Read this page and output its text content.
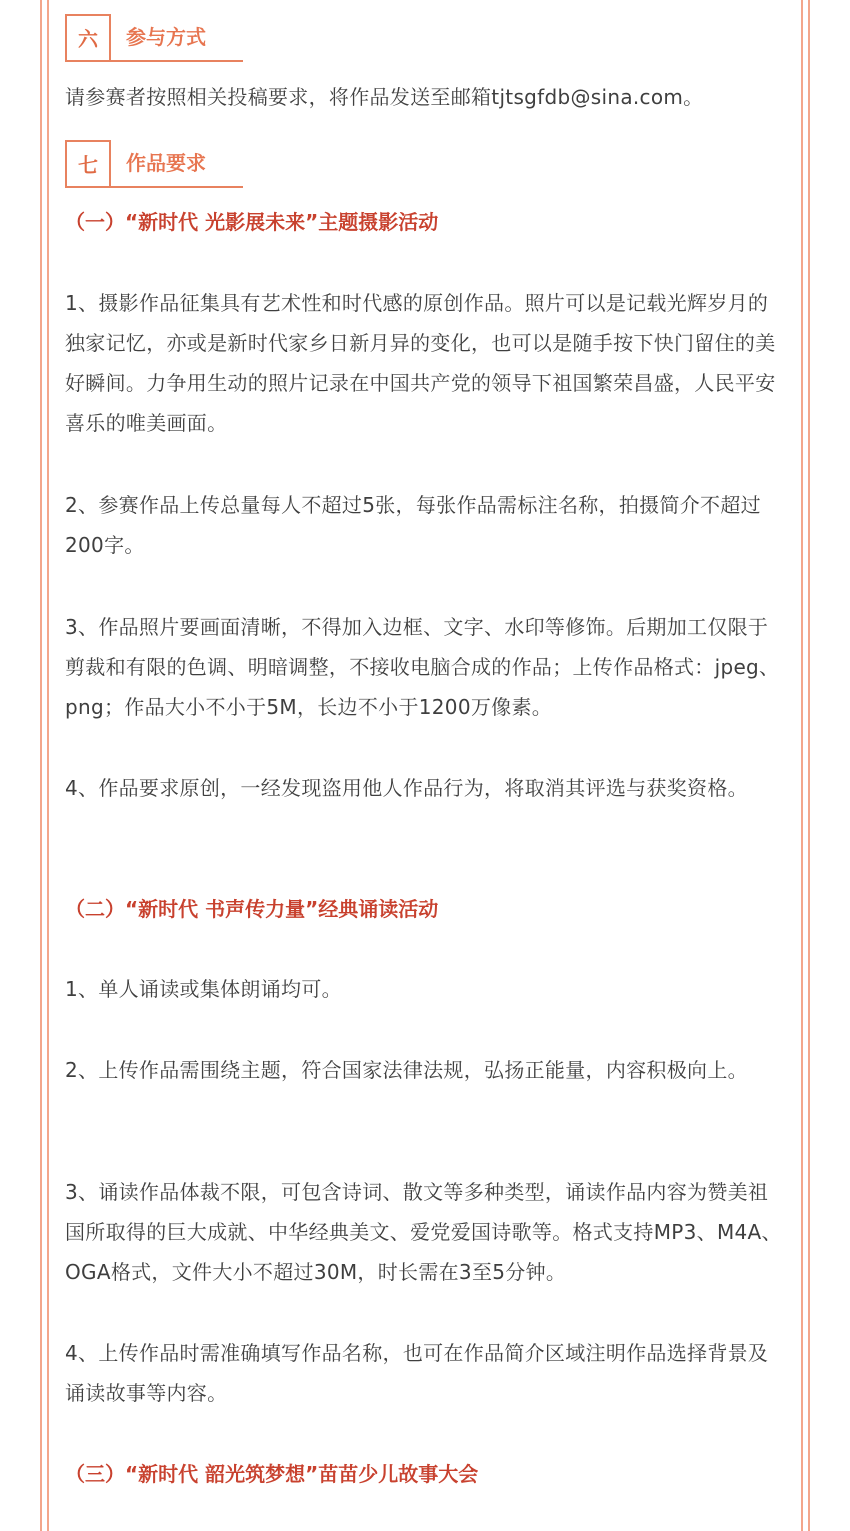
六	参与方式

请参赛者按照相关投稿要求，将作品发送至邮箱tjtsgfdb@sina.com。

七	作品要求

（一）“新时代 光影展未来”主题摄影活动

1、摄影作品征集具有艺术性和时代感的原创作品。照片可以是记载光辉岁月的独家记忆，亦或是新时代家乡日新月异的变化，也可以是随手按下快门留住的美好瞬间。力争用生动的照片记录在中国共产党的领导下祖国繁荣昌盛，人民平安喜乐的唯美画面。

2、参赛作品上传总量每人不超过5张，每张作品需标注名称，拍摄简介不超过200字。

3、作品照片要画面清晰，不得加入边框、文字、水印等修饰。后期加工仅限于剪裁和有限的色调、明暗调整，不接收电脑合成的作品；上传作品格式：jpeg、png；作品大小不小于5M，长边不小于1200万像素。

4、作品要求原创，一经发现盗用他人作品行为，将取消其评选与获奖资格。

（二）“新时代 书声传力量”经典诵读活动

1、单人诵读或集体朗诵均可。

2、上传作品需围绕主题，符合国家法律法规，弘扬正能量，内容积极向上。

3、诵读作品体裁不限，可包含诗词、散文等多种类型，诵读作品内容为赞美祖国所取得的巨大成就、中华经典美文、爱党爱国诗歌等。格式支持MP3、M4A、OGA格式，文件大小不超过30M，时长需在3至5分钟。

4、上传作品时需准确填写作品名称，也可在作品简介区域注明作品选择背景及诵读故事等内容。

（三）“新时代 韶光筑梦想”苗苗少儿故事大会
